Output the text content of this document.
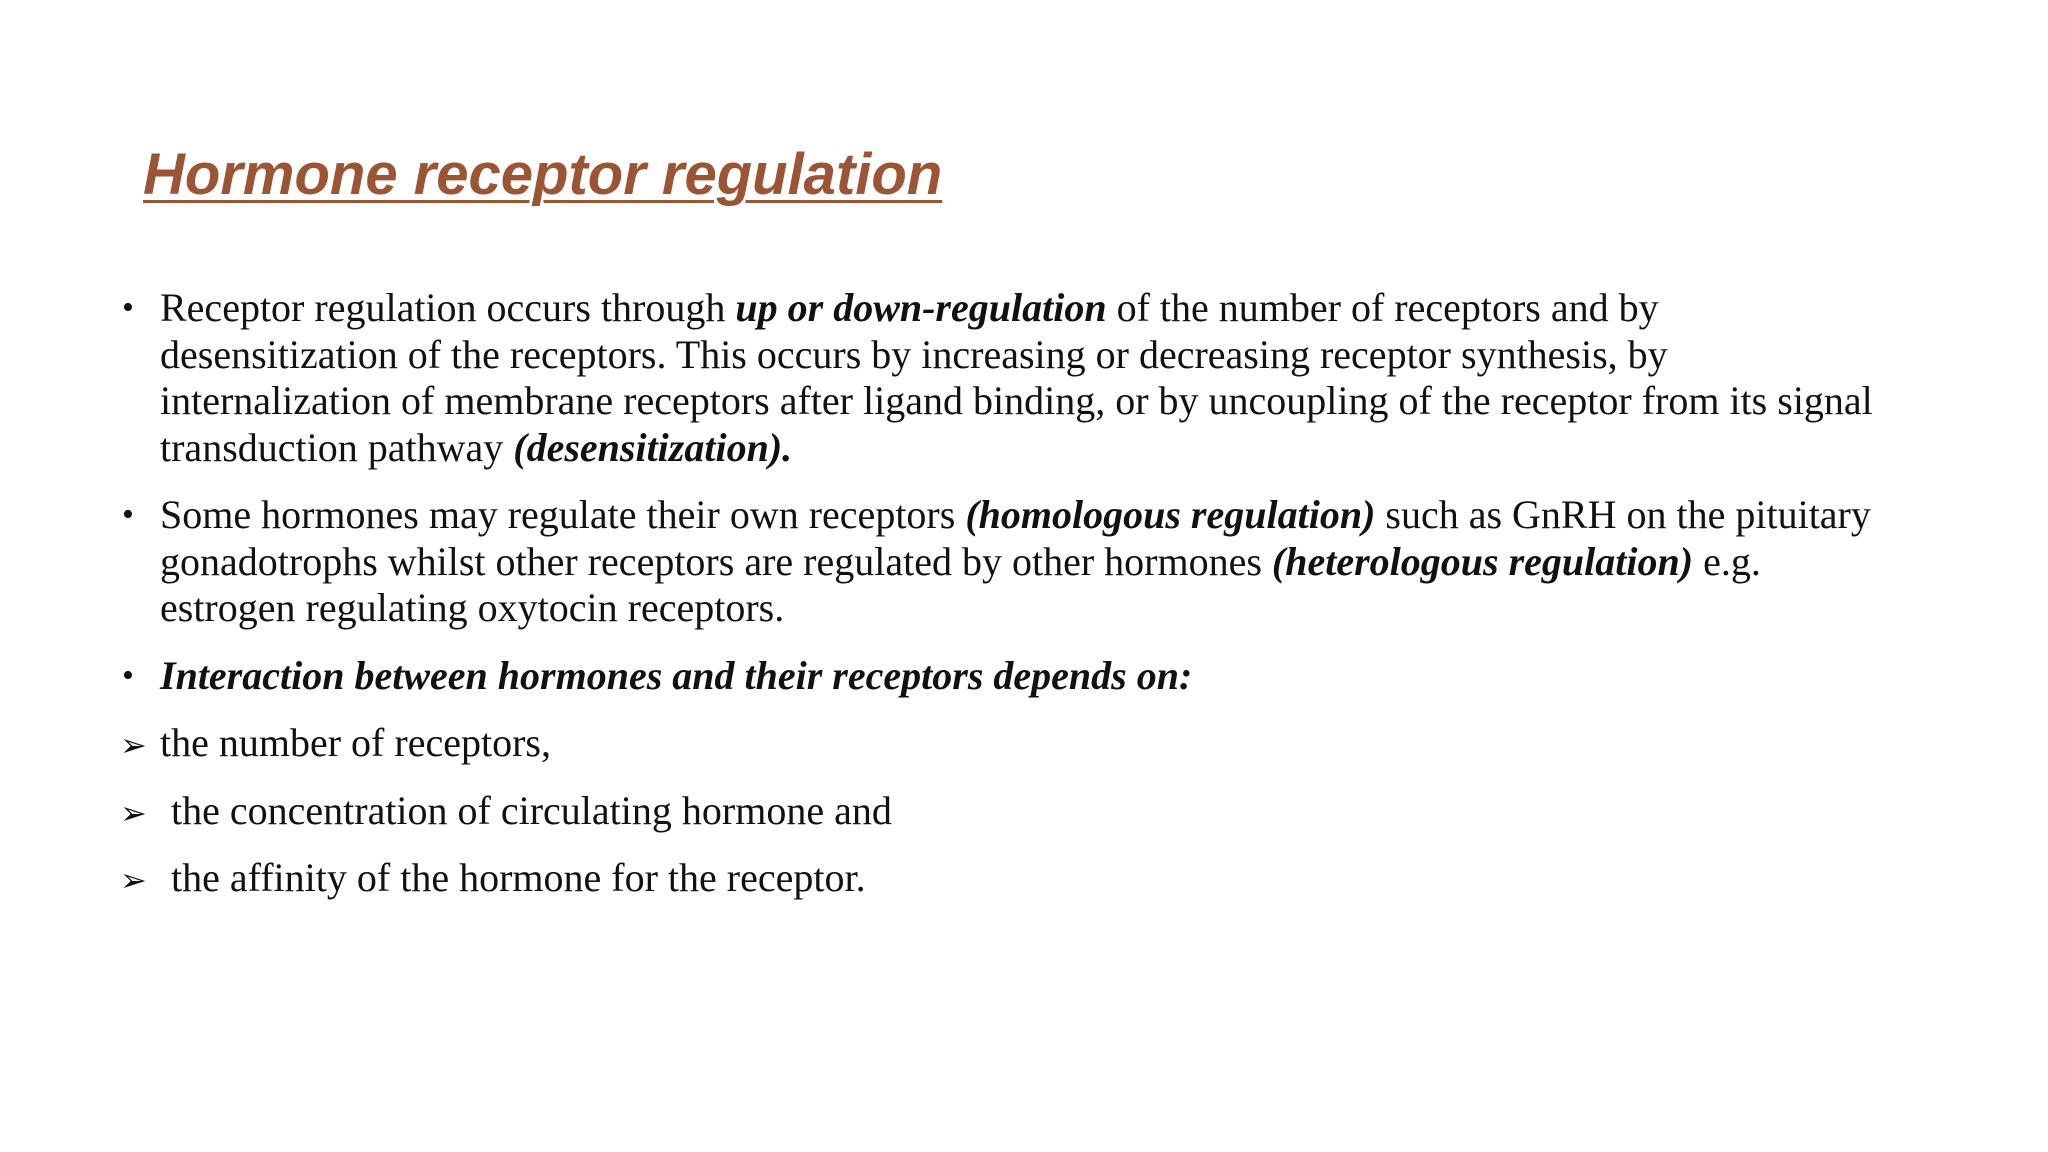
Hormone receptor regulation
• Receptor regulation occurs through up or down-regulation of the number of receptors and by desensitization of the receptors. This occurs by increasing or decreasing receptor synthesis, by internalization of membrane receptors after ligand binding, or by uncoupling of the receptor from its signal transduction pathway (desensitization).
• Some hormones may regulate their own receptors (homologous regulation) such as GnRH on the pituitary gonadotrophs whilst other receptors are regulated by other hormones (heterologous regulation) e.g. estrogen regulating oxytocin receptors.
• Interaction between hormones and their receptors depends on:
➢ the number of receptors,
➢ the concentration of circulating hormone and
➢ the affinity of the hormone for the receptor.
